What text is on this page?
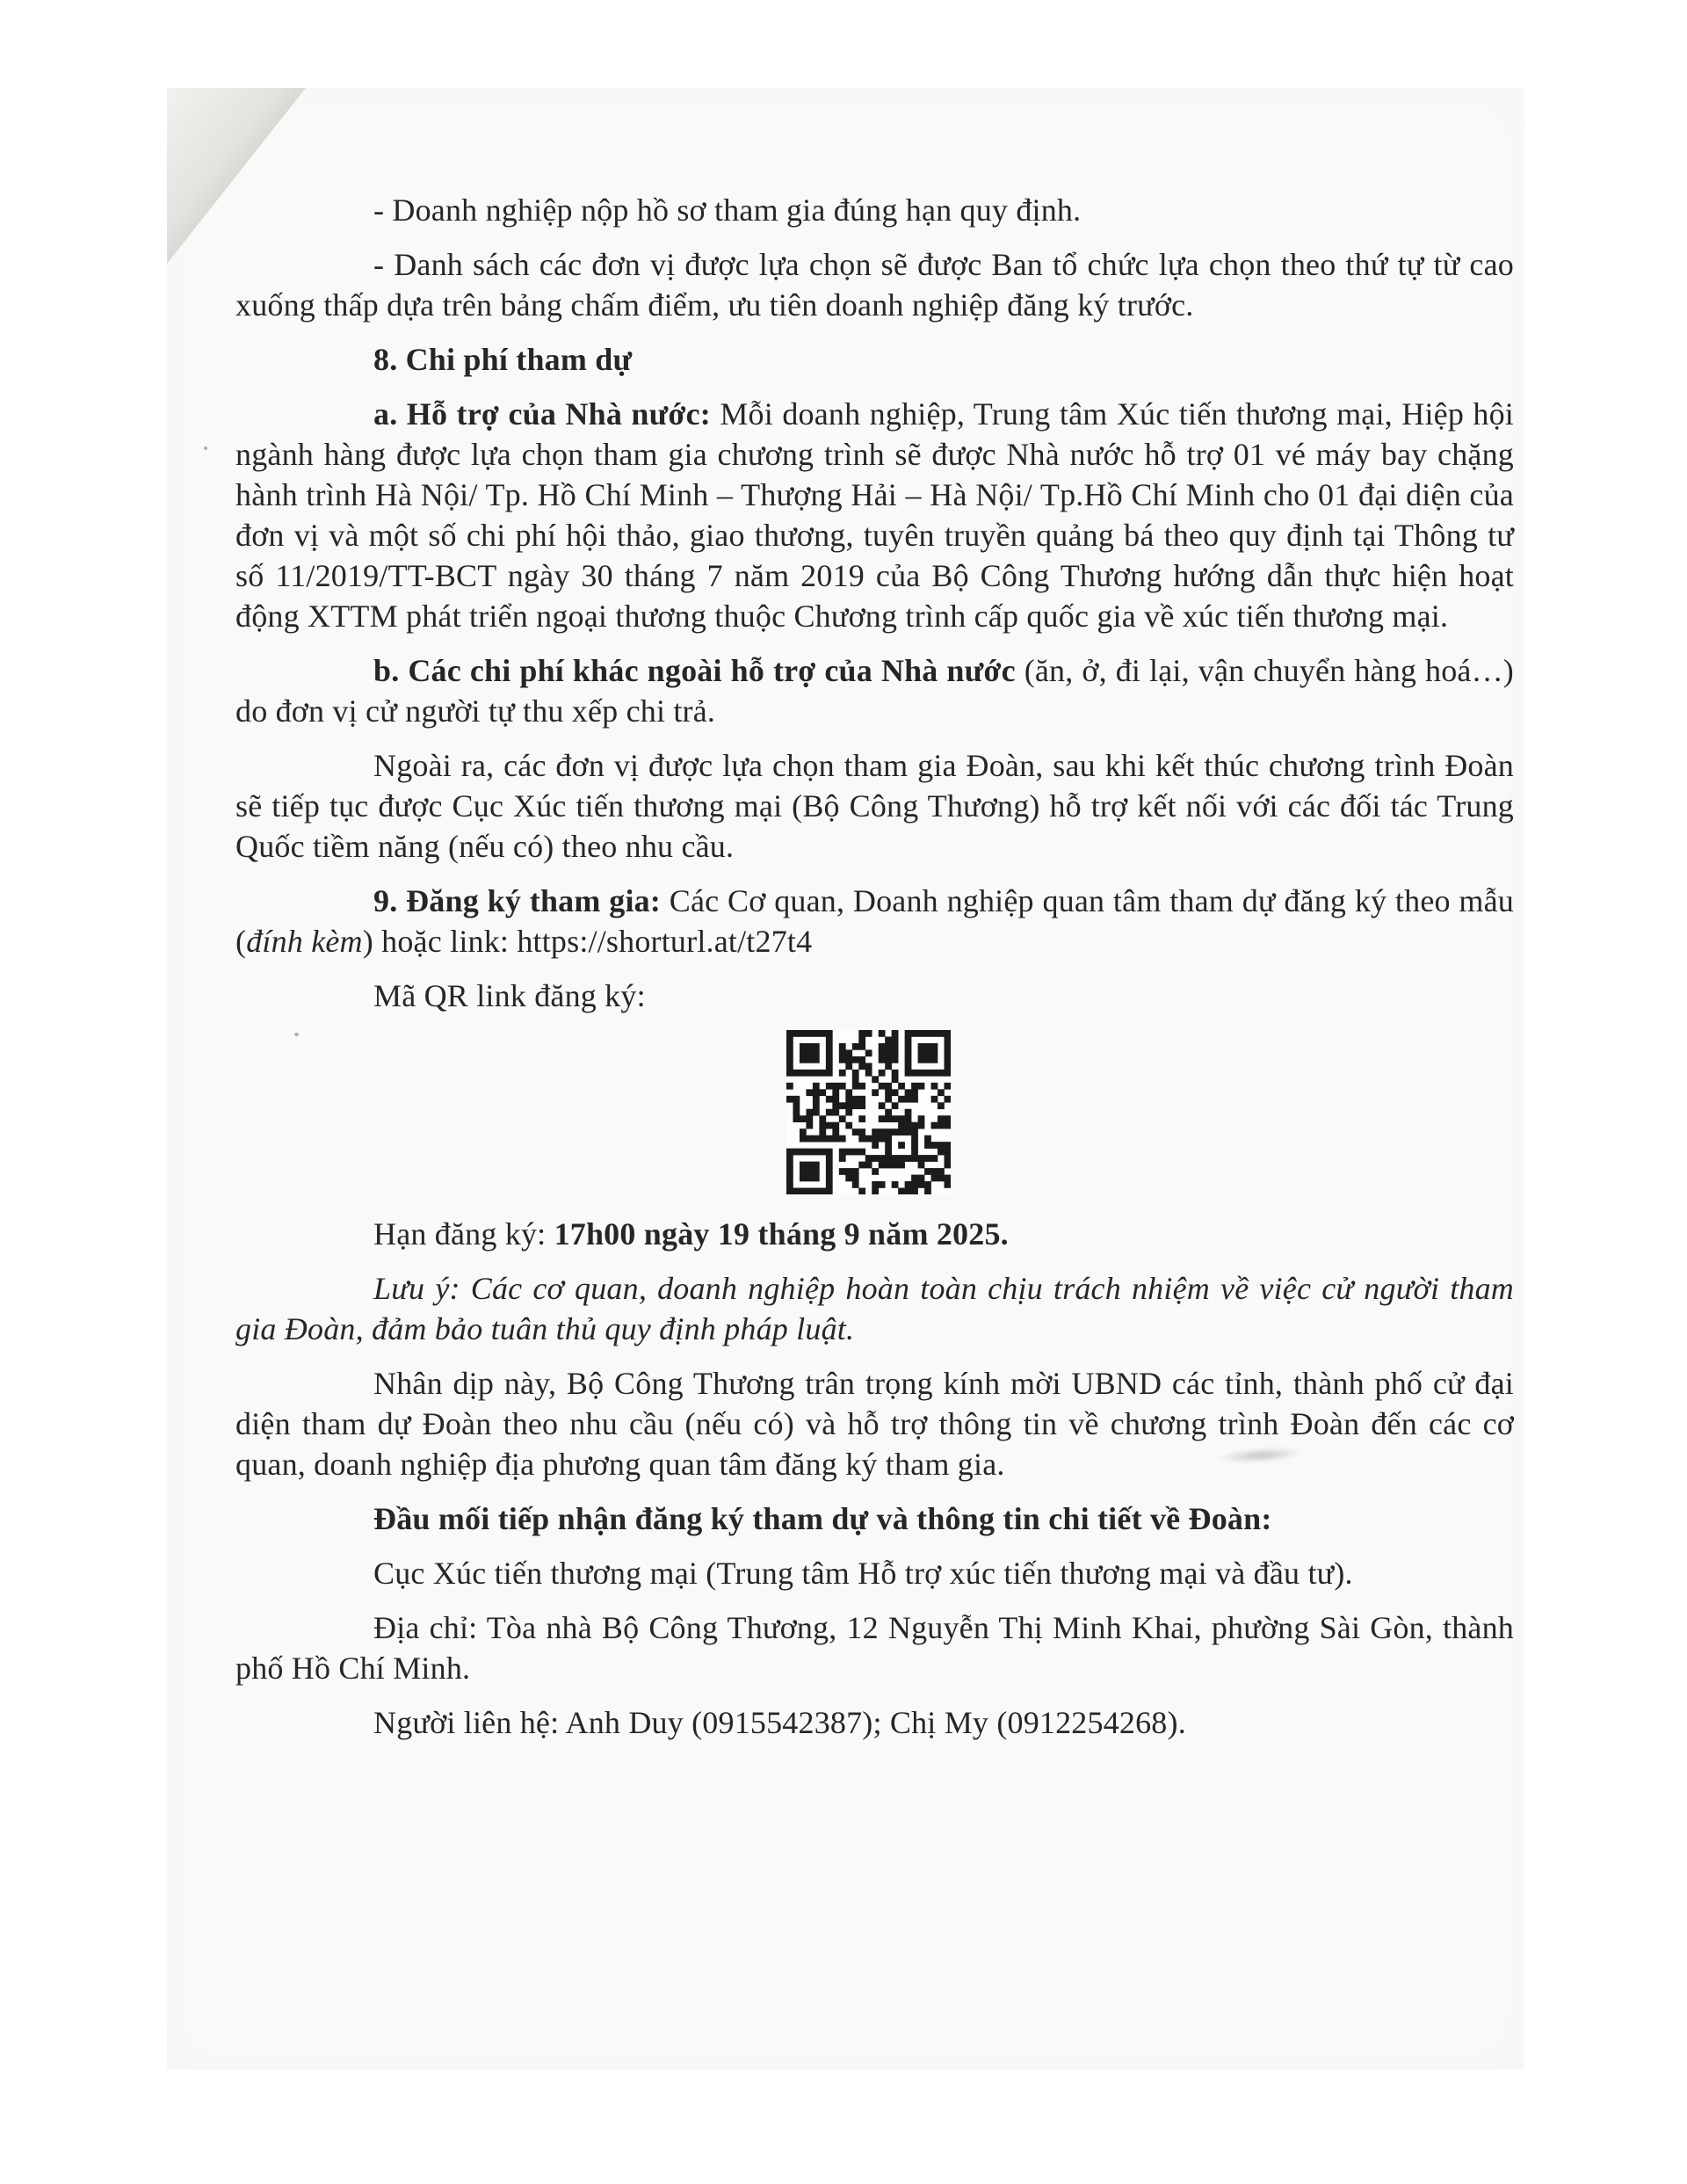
- Doanh nghiệp nộp hồ sơ tham gia đúng hạn quy định.

- Danh sách các đơn vị được lựa chọn sẽ được Ban tổ chức lựa chọn theo thứ tự từ cao xuống thấp dựa trên bảng chấm điểm, ưu tiên doanh nghiệp đăng ký trước.

8. Chi phí tham dự

a. Hỗ trợ của Nhà nước: Mỗi doanh nghiệp, Trung tâm Xúc tiến thương mại, Hiệp hội ngành hàng được lựa chọn tham gia chương trình sẽ được Nhà nước hỗ trợ 01 vé máy bay chặng hành trình Hà Nội/ Tp. Hồ Chí Minh – Thượng Hải – Hà Nội/ Tp.Hồ Chí Minh cho 01 đại diện của đơn vị và một số chi phí hội thảo, giao thương, tuyên truyền quảng bá theo quy định tại Thông tư số 11/2019/TT-BCT ngày 30 tháng 7 năm 2019 của Bộ Công Thương hướng dẫn thực hiện hoạt động XTTM phát triển ngoại thương thuộc Chương trình cấp quốc gia về xúc tiến thương mại.

b. Các chi phí khác ngoài hỗ trợ của Nhà nước (ăn, ở, đi lại, vận chuyển hàng hoá…) do đơn vị cử người tự thu xếp chi trả.

Ngoài ra, các đơn vị được lựa chọn tham gia Đoàn, sau khi kết thúc chương trình Đoàn sẽ tiếp tục được Cục Xúc tiến thương mại (Bộ Công Thương) hỗ trợ kết nối với các đối tác Trung Quốc tiềm năng (nếu có) theo nhu cầu.

9. Đăng ký tham gia: Các Cơ quan, Doanh nghiệp quan tâm tham dự đăng ký theo mẫu (đính kèm) hoặc link: https://shorturl.at/t27t4

Mã QR link đăng ký:

Hạn đăng ký: 17h00 ngày 19 tháng 9 năm 2025.

Lưu ý: Các cơ quan, doanh nghiệp hoàn toàn chịu trách nhiệm về việc cử người tham gia Đoàn, đảm bảo tuân thủ quy định pháp luật.

Nhân dịp này, Bộ Công Thương trân trọng kính mời UBND các tỉnh, thành phố cử đại diện tham dự Đoàn theo nhu cầu (nếu có) và hỗ trợ thông tin về chương trình Đoàn đến các cơ quan, doanh nghiệp địa phương quan tâm đăng ký tham gia.

Đầu mối tiếp nhận đăng ký tham dự và thông tin chi tiết về Đoàn:

Cục Xúc tiến thương mại (Trung tâm Hỗ trợ xúc tiến thương mại và đầu tư).

Địa chỉ: Tòa nhà Bộ Công Thương, 12 Nguyễn Thị Minh Khai, phường Sài Gòn, thành phố Hồ Chí Minh.

Người liên hệ: Anh Duy (0915542387); Chị My (0912254268).
